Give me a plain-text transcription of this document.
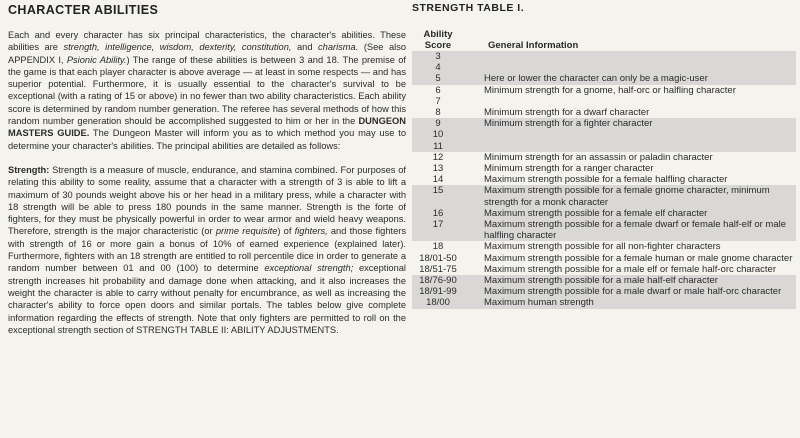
CHARACTER ABILITIES

Each and every character has six principal characteristics, the character's abilities. These abilities are strength, intelligence, wisdom, dexterity, constitution, and charisma. (See also APPENDIX I, Psionic Ability.) The range of these abilities is between 3 and 18. The premise of the game is that each player character is above average — at least in some respects — and has superior potential. Furthermore, it is usually essential to the character's survival to be exceptional (with a rating of 15 or above) in no fewer than two ability characteristics. Each ability score is determined by random number generation. The referee has several methods of how this random number generation should be accomplished suggested to him or her in the DUNGEON MASTERS GUIDE. The Dungeon Master will inform you as to which method you may use to determine your character's abilities. The principal abilities are detailed as follows:

Strength: Strength is a measure of muscle, endurance, and stamina combined. For purposes of relating this ability to some reality, assume that a character with a strength of 3 is able to lift a maximum of 30 pounds weight above his or her head in a military press, while a character with 18 strength will be able to press 180 pounds in the same manner. Strength is the forte of fighters, for they must be physically powerful in order to wear armor and wield heavy weapons. Therefore, strength is the major characteristic (or prime requisite) of fighters, and those fighters with strength of 16 or more gain a bonus of 10% of earned experience (explained later). Furthermore, fighters with an 18 strength are entitled to roll percentile dice in order to generate a random number between 01 and 00 (100) to determine exceptional strength; exceptional strength increases hit probability and damage done when attacking, and it also increases the weight the character is able to carry without penalty for encumbrance, as well as increasing the character's ability to force open doors and similar portals. The tables below give complete information regarding the effects of strength. Note that only fighters are permitted to roll on the exceptional strength section of STRENGTH TABLE II: ABILITY ADJUSTMENTS.

STRENGTH TABLE I.
Ability
Score	General Information
3
4
5	Here or lower the character can only be a magic-user
6	Minimum strength for a gnome, half-orc or halfling character
7
8	Minimum strength for a dwarf character
9	Minimum strength for a fighter character
10
11
12	Minimum strength for an assassin or paladin character
13	Minimum strength for a ranger character
14	Maximum strength possible for a female halfling character
15	Maximum strength possible for a female gnome character, minimum strength for a monk character
16	Maximum strength possible for a female elf character
17	Maximum strength possible for a female dwarf or female half-elf or male halfling character
18	Maximum strength possible for all non-fighter characters
18/01-50	Maximum strength possible for a female human or male gnome character
18/51-75	Maximum strength possible for a male elf or female half-orc character
18/76-90	Maximum strength possible for a male half-elf character
18/91-99	Maximum strength possible for a male dwarf or male half-orc character
18/00	Maximum human strength
